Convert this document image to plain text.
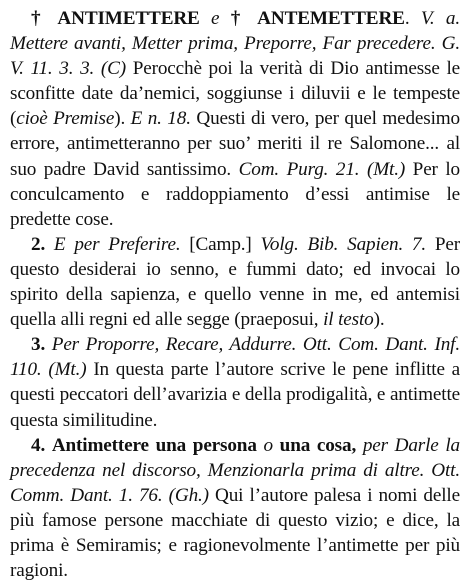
† ANTIMETTERE e † ANTEMETTERE. V. a. Mettere avanti, Metter prima, Preporre, Far precedere. G. V. 11. 3. 3. (C) Perocchè poi la verità di Dio antimesse le sconfitte date da’nemici, soggiunse i diluvii e le tempeste (cioè Premise). E n. 18. Questi di vero, per quel medesimo errore, antimetteranno per suo’ meriti il re Salomone... al suo padre David santissimo. Com. Purg. 21. (Mt.) Per lo conculcamento e raddoppiamento d’essi antimise le predette cose.

2. E per Preferire. [Camp.] Volg. Bib. Sapien. 7. Per questo desiderai io senno, e fummi dato; ed invocai lo spirito della sapienza, e quello venne in me, ed antemisi quella alli regni ed alle segge (praeposui, il testo).

3. Per Proporre, Recare, Addurre. Ott. Com. Dant. Inf. 110. (Mt.) In questa parte l’autore scrive le pene inflitte a questi peccatori dell’avarizia e della prodigalità, e antimette questa similitudine.

4. Antimettere una persona o una cosa, per Darle la precedenza nel discorso, Menzionarla prima di altre. Ott. Comm. Dant. 1. 76. (Gh.) Qui l’autore palesa i nomi delle più famose persone macchiate di questo vizio; e dice, la prima è Semiramis; e ragionevolmente l’antimette per più ragioni.
